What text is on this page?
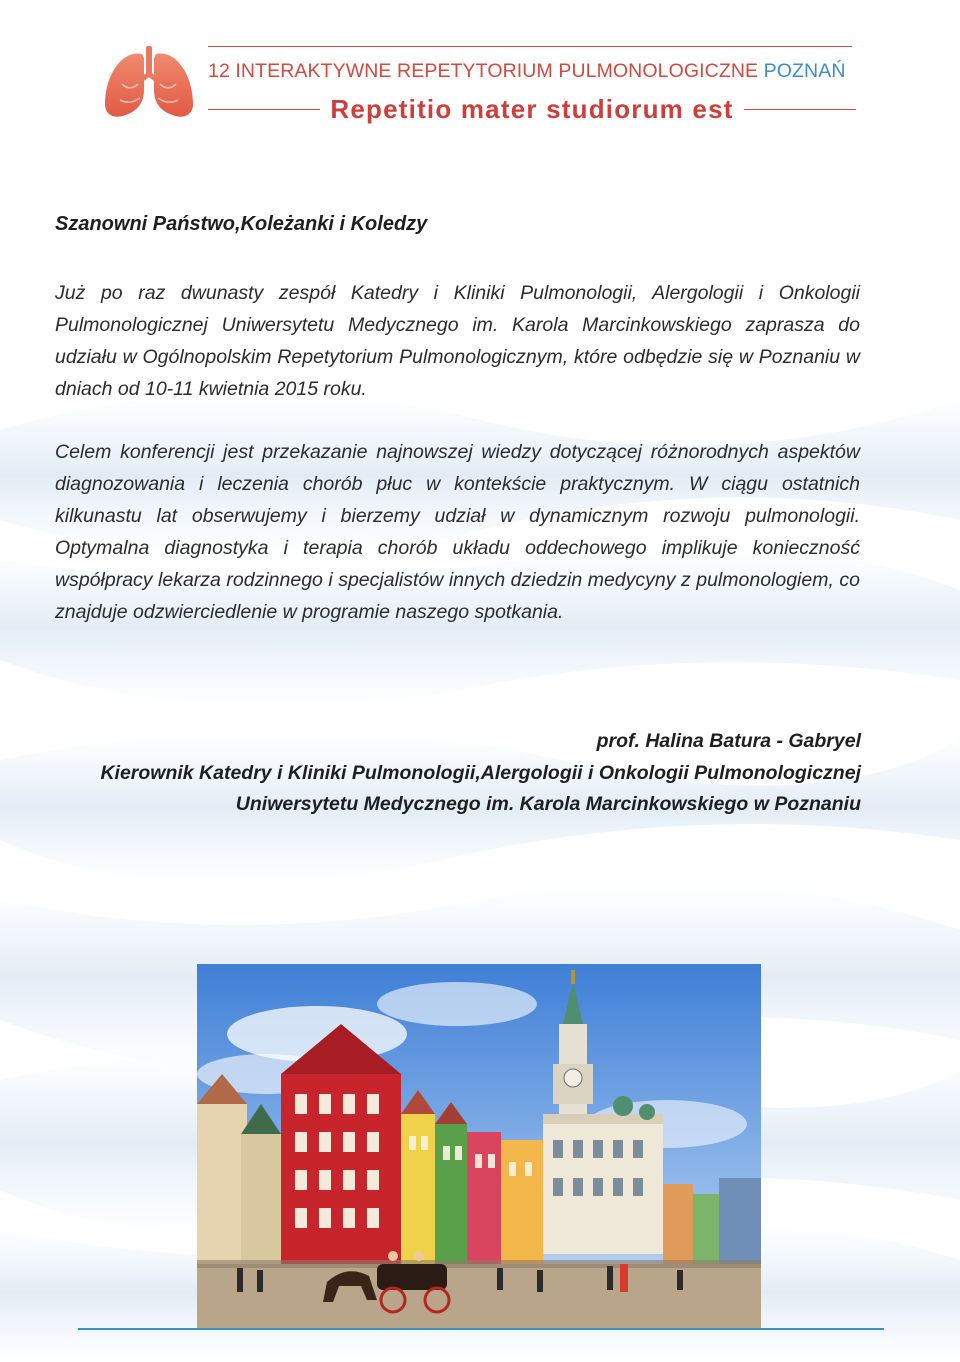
12 INTERAKTYWNE REPETYTORIUM PULMONOLOGICZNE POZNAŃ
Repetitio mater studiorum est
Szanowni Państwo,Koleżanki i Koledzy

Już po raz dwunasty zespół Katedry i Kliniki Pulmonologii, Alergologii i Onkologii Pulmonologicznej Uniwersytetu Medycznego im. Karola Marcinkowskiego zaprasza do udziału w Ogólnopolskim Repetytorium Pulmonologicznym, które odbędzie się w Poznaniu w dniach od 10-11 kwietnia 2015 roku.

Celem konferencji jest przekazanie najnowszej wiedzy dotyczącej różnorodnych aspektów diagnozowania i leczenia chorób płuc w kontekście praktycznym. W ciągu ostatnich kilkunastu lat obserwujemy i bierzemy udział w dynamicznym rozwoju pulmonologii. Optymalna diagnostyka i terapia chorób układu oddechowego implikuje konieczność współpracy lekarza rodzinnego i specjalistów innych dziedzin medycyny z pulmonologiem, co znajduje odzwierciedlenie w programie naszego spotkania.

prof. Halina Batura - Gabryel
Kierownik Katedry i Kliniki Pulmonologii,Alergologii i Onkologii Pulmonologicznej
Uniwersytetu Medycznego im. Karola Marcinkowskiego w Poznaniu
